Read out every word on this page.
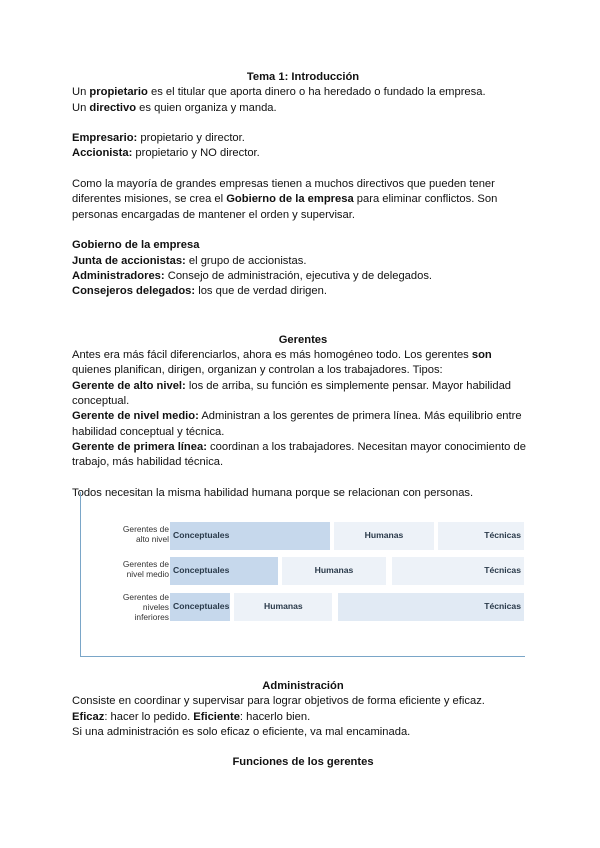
Tema 1: Introducción

Un propietario es el titular que aporta dinero o ha heredado o fundado la empresa.

Un directivo es quien organiza y manda.

Empresario: propietario y director.

Accionista: propietario y NO director.

Como la mayoría de grandes empresas tienen a muchos directivos que pueden tener
diferentes misiones, se crea el Gobierno de la empresa para eliminar conflictos. Son
personas encargadas de mantener el orden y supervisar.

Gobierno de la empresa

Junta de accionistas: el grupo de accionistas.

Administradores: Consejo de administración, ejecutiva y de delegados.

Consejeros delegados: los que de verdad dirigen.

Gerentes

Antes era más fácil diferenciarlos, ahora es más homogéneo todo. Los gerentes son
quienes planifican, dirigen, organizan y controlan a los trabajadores. Tipos:

Gerente de alto nivel: los de arriba, su función es simplemente pensar. Mayor habilidad
conceptual.

Gerente de nivel medio: Administran a los gerentes de primera línea. Más equilibrio entre
habilidad conceptual y técnica.

Gerente de primera línea: coordinan a los trabajadores. Necesitan mayor conocimiento de
trabajo, más habilidad técnica.

Todos necesitan la misma habilidad humana porque se relacionan con personas.

Gerentes de
alto nivel Conceptuales	Humanas	Técnicas
Gerentes de
nivel medio Conceptuales	Humanas	Técnicas
Gerentes de
niveles
inferiores
Conceptuales	Humanas	Técnicas

Administración

Consiste en coordinar y supervisar para lograr objetivos de forma eficiente y eficaz.

Eficaz: hacer lo pedido. Eficiente: hacerlo bien.

Si una administración es solo eficaz o eficiente, va mal encaminada.

Funciones de los gerentes
